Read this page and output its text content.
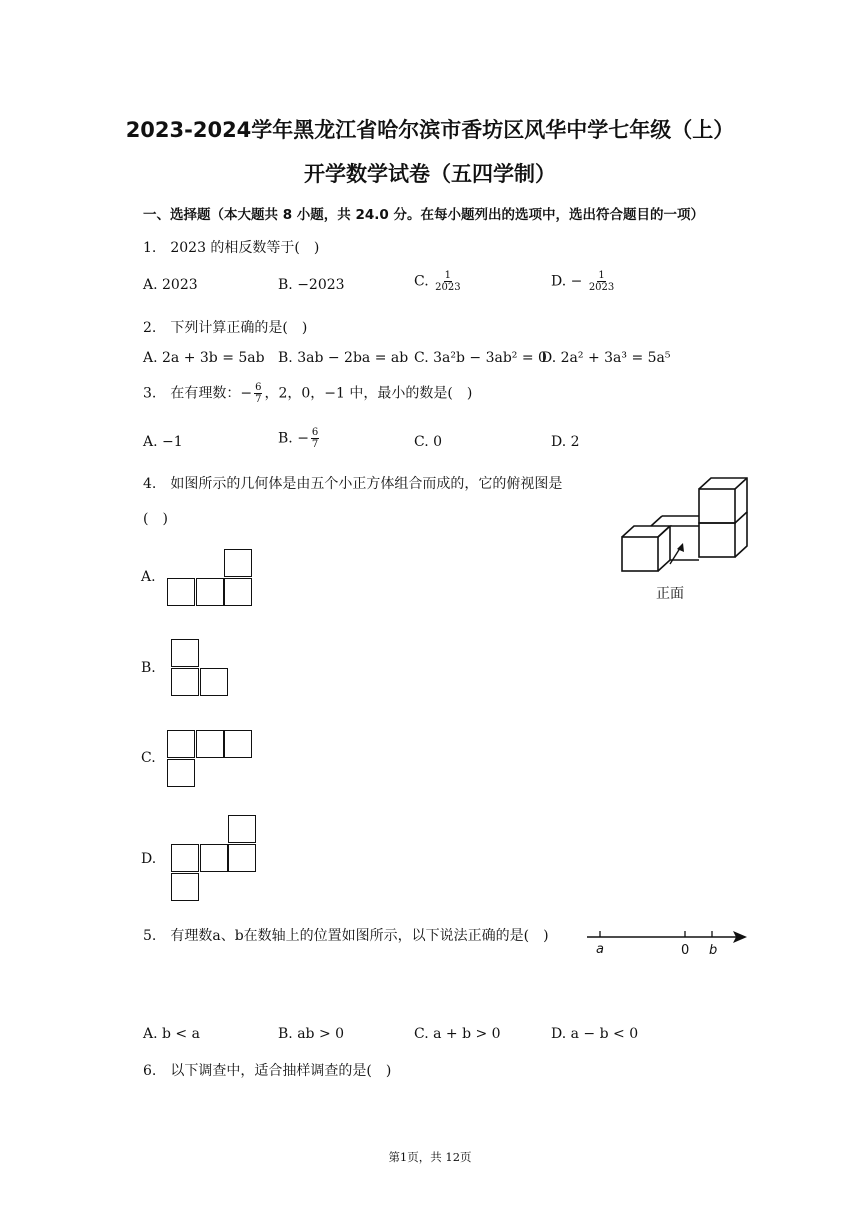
2023-2024学年黑龙江省哈尔滨市香坊区风华中学七年级（上）
开学数学试卷（五四学制）
一、选择题（本大题共 8 小题，共 24.0 分。在每小题列出的选项中，选出符合题目的一项）
1.　2023 的相反数等于(　)
A. 2023	B. −2023	C. $\frac{1}{2023}$	D. − $\frac{1}{2023}$
2.　下列计算正确的是(　)
A. 2a + 3b = 5ab B. 3ab − 2ba = ab C. 3a²b − 3ab² = 0
D. 2a² + 3a³ = 5a⁵
3.　在有理数：− $\frac{6}{7}$ ，2，0，−1 中，最小的数是(　)
A. −1	B. − $\frac{6}{7}$	C. 0	D. 2
4.　如图所示的几何体是由五个小正方体组合而成的，它的俯视图是
(　)
正面
A.
B.
C.
D.
5.　有理数a、b在数轴上的位置如图所示，以下说法正确的是(　)
a	0 b
A. b < a	B. ab > 0	C. a + b > 0	D. a − b < 0
6.　以下调查中，适合抽样调查的是(　)
第1页，共 12页
